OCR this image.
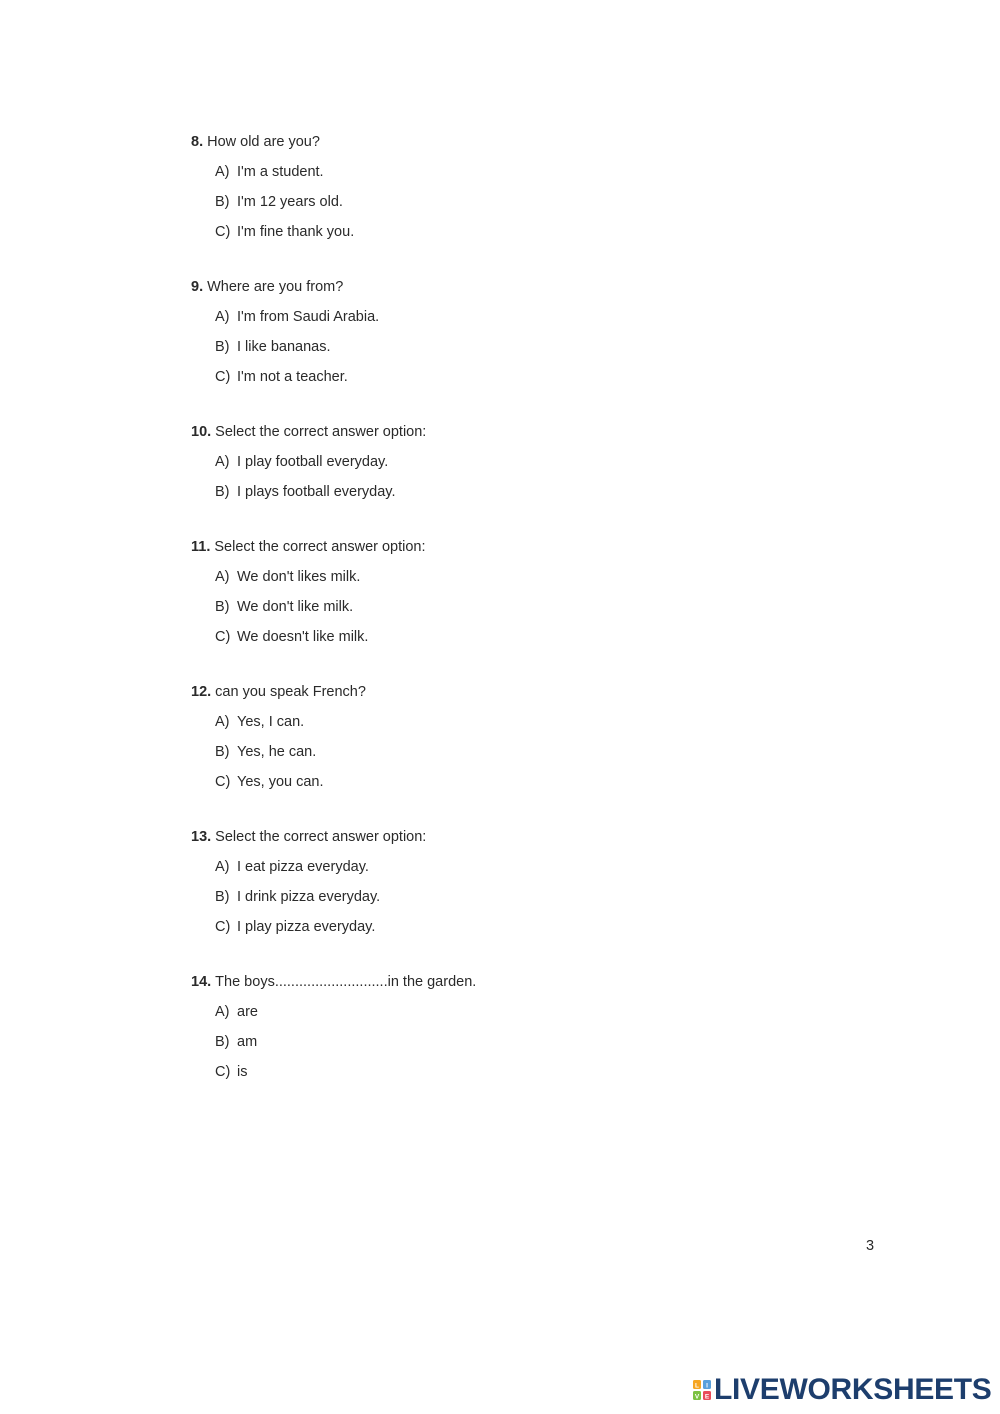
8. How old are you?
A) I'm a student.
B) I'm 12 years old.
C) I'm fine thank you.
9. Where are you from?
A) I'm from Saudi Arabia.
B) I like bananas.
C) I'm not a teacher.
10. Select the correct answer option:
A) I play football everyday.
B) I plays football everyday.
11. Select the correct answer option:
A) We don't likes milk.
B) We don't like milk.
C) We doesn't like milk.
12. can you speak French?
A) Yes, I can.
B) Yes, he can.
C) Yes, you can.
13. Select the correct answer option:
A) I eat pizza everyday.
B) I drink pizza everyday.
C) I play pizza everyday.
14. The boys............................in the garden.
A) are
B) am
C) is
3
L I
V E LIVEWORKSHEETS
